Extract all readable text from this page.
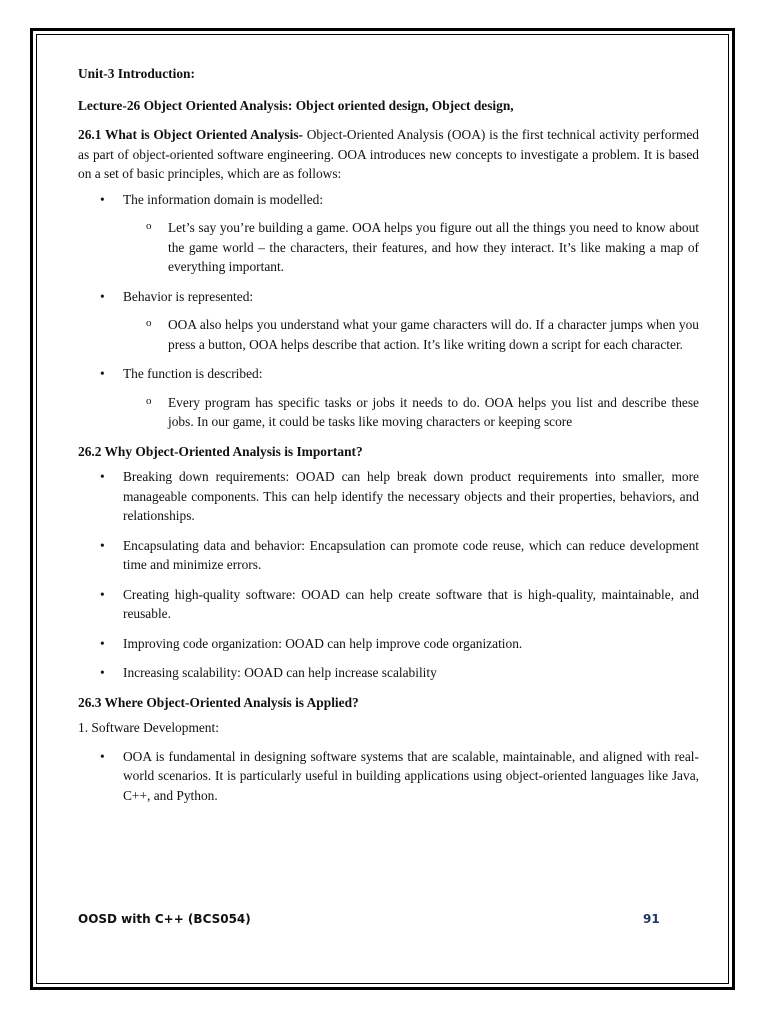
Unit-3 Introduction:

Lecture-26 Object Oriented Analysis: Object oriented design, Object design,

26.1 What is Object Oriented Analysis- Object-Oriented Analysis (OOA) is the first technical activity performed as part of object-oriented software engineering. OOA introduces new concepts to investigate a problem. It is based on a set of basic principles, which are as follows:

• The information domain is modelled:
o Let’s say you’re building a game. OOA helps you figure out all the things you need to know about the game world – the characters, their features, and how they interact. It’s like making a map of everything important.
• Behavior is represented:
o OOA also helps you understand what your game characters will do. If a character jumps when you press a button, OOA helps describe that action. It’s like writing down a script for each character.
• The function is described:
o Every program has specific tasks or jobs it needs to do. OOA helps you list and describe these jobs. In our game, it could be tasks like moving characters or keeping score

26.2 Why Object-Oriented Analysis is Important?

• Breaking down requirements: OOAD can help break down product requirements into smaller, more manageable components. This can help identify the necessary objects and their properties, behaviors, and relationships.
• Encapsulating data and behavior: Encapsulation can promote code reuse, which can reduce development time and minimize errors.
• Creating high-quality software: OOAD can help create software that is high-quality, maintainable, and reusable.
• Improving code organization: OOAD can help improve code organization.
• Increasing scalability: OOAD can help increase scalability

26.3 Where Object-Oriented Analysis is Applied?

1. Software Development:

• OOA is fundamental in designing software systems that are scalable, maintainable, and aligned with real-world scenarios. It is particularly useful in building applications using object-oriented languages like Java, C++, and Python.
OOSD with C++ (BCS054)	91
